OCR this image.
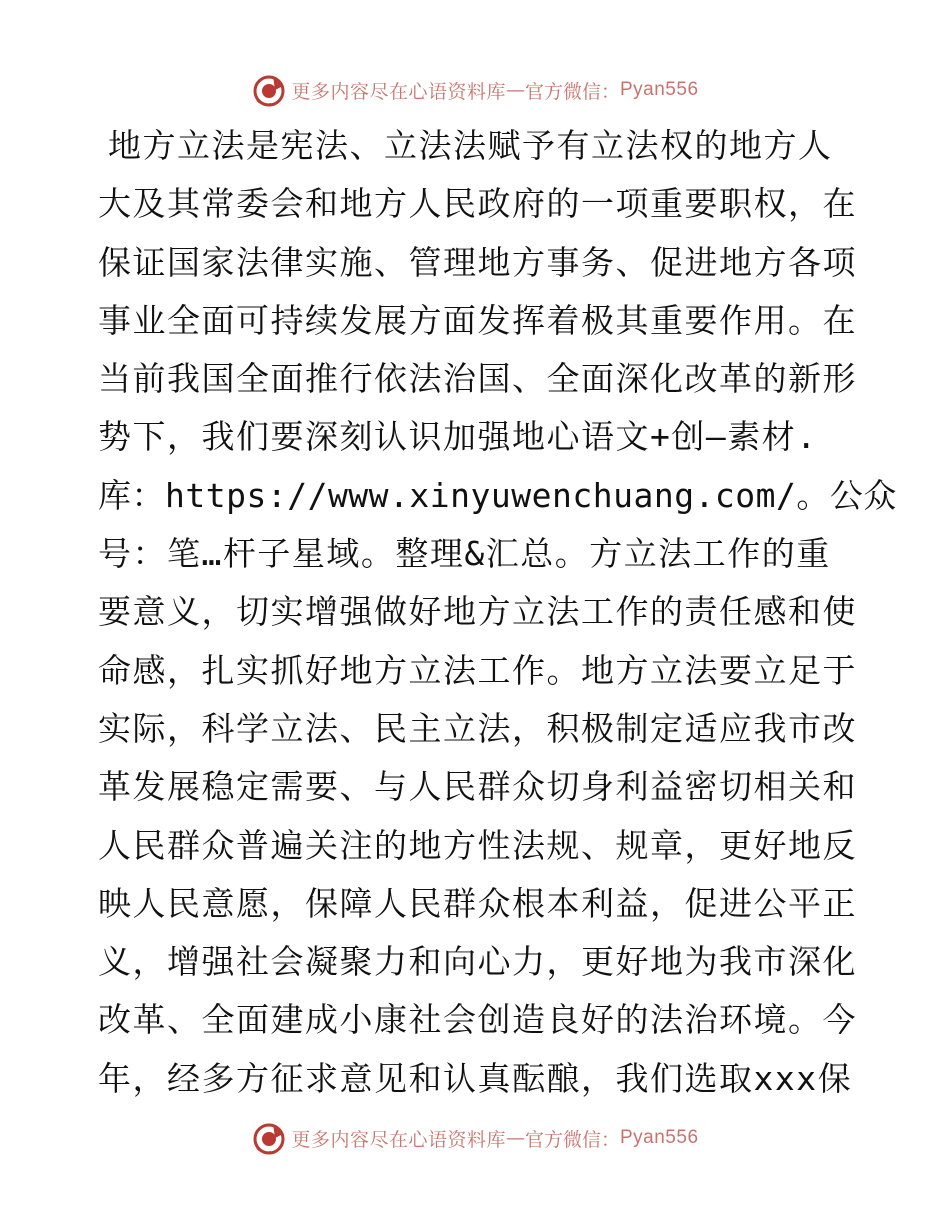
更多内容尽在心语资料库 — 官方微信： Pyan556
地方立法是宪法、立法法赋予有立法权的地方人
大及其常委会和地方人民政府的一项重要职权，在
保证国家法律实施、管理地方事务、促进地方各项
事业全面可持续发展方面发挥着极其重要作用。在
当前我国全面推行依法治国、全面深化改革的新形
势下，我们要深刻认识加强地心语文+创—素材.
库：https://www.xinyuwenchuang.com/。公众
号：笔…杆子星域。整理&汇总。方立法工作的重
要意义，切实增强做好地方立法工作的责任感和使
命感，扎实抓好地方立法工作。地方立法要立足于
实际，科学立法、民主立法，积极制定适应我市改
革发展稳定需要、与人民群众切身利益密切相关和
人民群众普遍关注的地方性法规、规章，更好地反
映人民意愿，保障人民群众根本利益，促进公平正
义，增强社会凝聚力和向心力，更好地为我市深化
改革、全面建成小康社会创造良好的法治环境。今
年，经多方征求意见和认真酝酿，我们选取xxx保
更多内容尽在心语资料库 — 官方微信： Pyan556
